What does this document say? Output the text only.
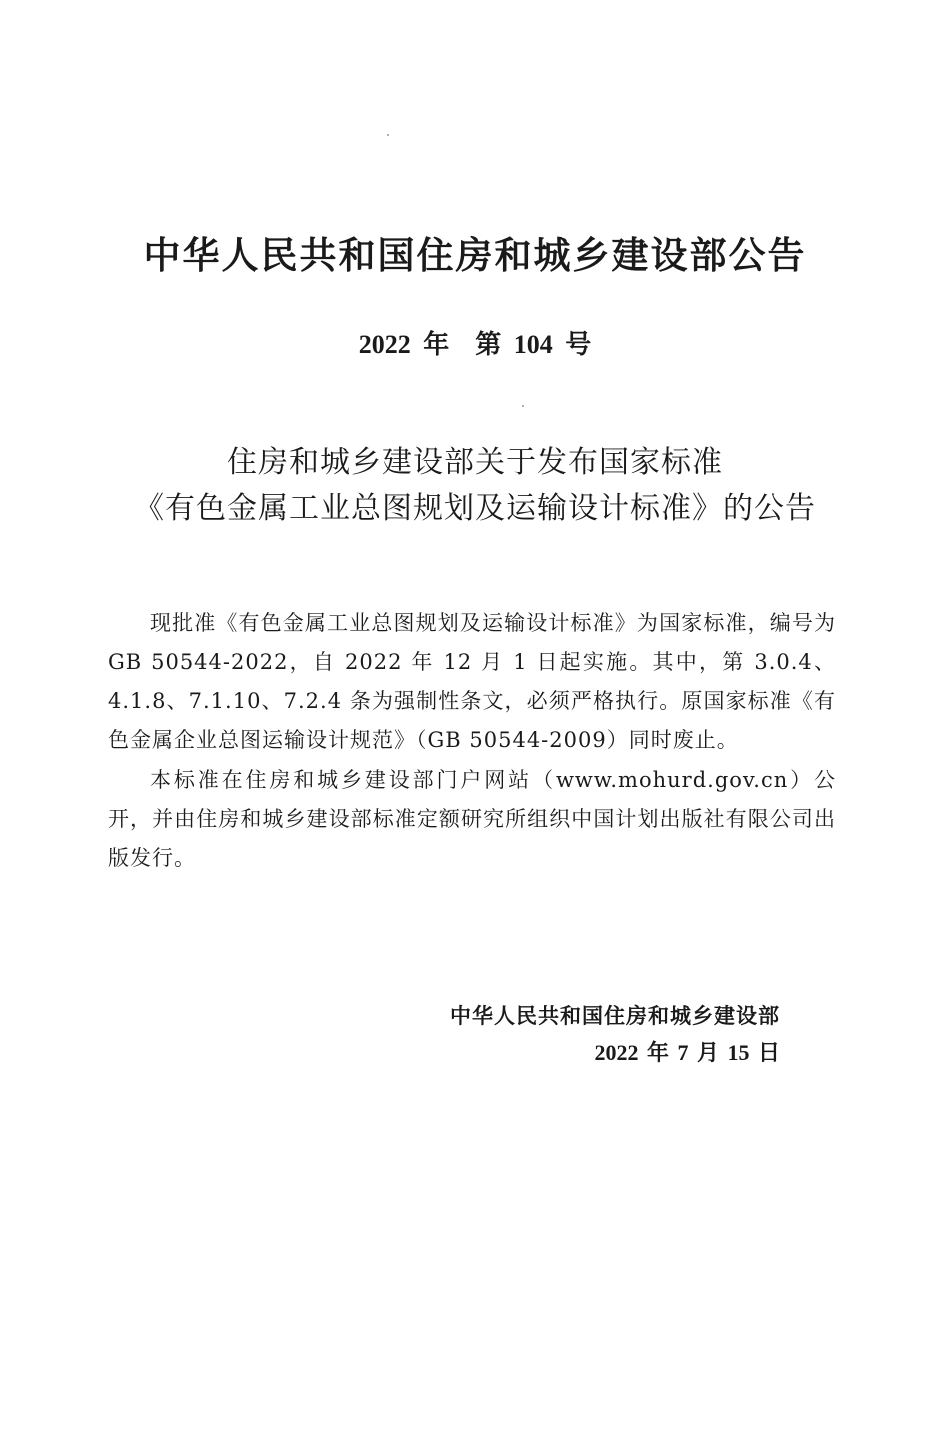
中华人民共和国住房和城乡建设部公告
2022 年　第 104 号
住房和城乡建设部关于发布国家标准
《有色金属工业总图规划及运输设计标准》的公告

现批准《有色金属工业总图规划及运输设计标准》为国家标准，编号为 GB 50544-2022，自 2022 年 12 月 1 日起实施。其中，第 3.0.4、4.1.8、7.1.10、7.2.4 条为强制性条文，必须严格执行。原国家标准《有色金属企业总图运输设计规范》（GB 50544-2009）同时废止。

本标准在住房和城乡建设部门户网站（www.mohurd.gov.cn）公开，并由住房和城乡建设部标准定额研究所组织中国计划出版社有限公司出版发行。

中华人民共和国住房和城乡建设部
2022 年 7 月 15 日
